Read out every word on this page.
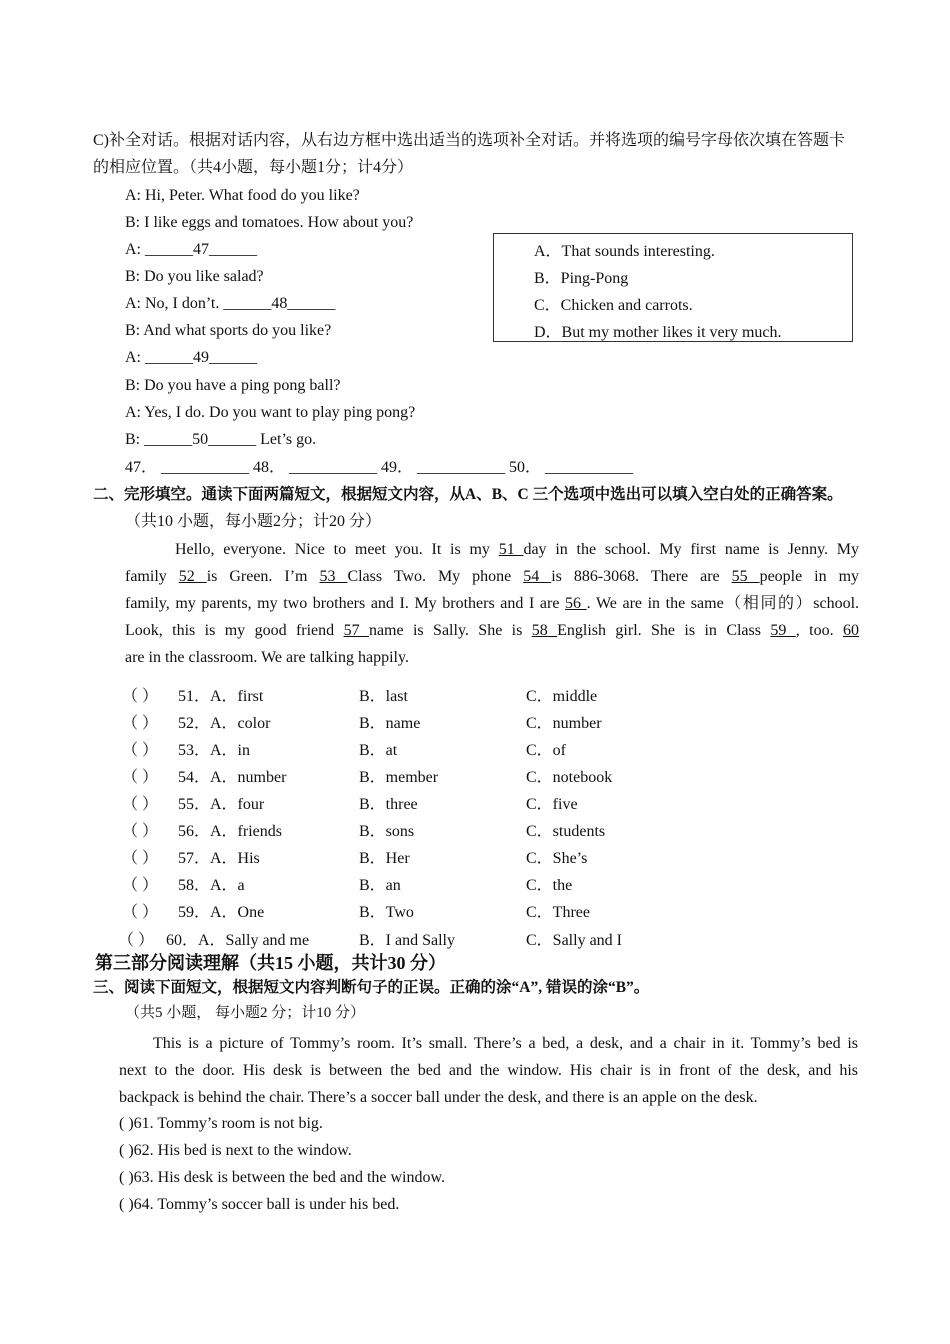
C)补全对话。根据对话内容，从右边方框中选出适当的选项补全对话。并将选项的编号字母依次填在答题卡
的相应位置。（共4小题，每小题1分；计4分）
A: Hi, Peter. What food do you like?
B: I like eggs and tomatoes. How about you?
A: ______47______
B: Do you like salad?
A: No, I don’t. ______48______
B: And what sports do you like?
A: ______49______
B: Do you have a ping pong ball?
A: Yes, I do. Do you want to play ping pong?
B: ______50______ Let’s go.
A．That sounds interesting.
B．Ping-Pong
C．Chicken and carrots.
D．But my mother likes it very much.
47． ___________ 48． ___________ 49． ___________ 50． ___________
二、完形填空。通读下面两篇短文，根据短文内容，从A、B、C 三个选项中选出可以填入空白处的正确答案。
（共10 小题，每小题2分；计20 分）
Hello, everyone. Nice to meet you. It is my 51 day in the school. My first name is Jenny. My
family 52 is Green. I’m 53 Class Two. My phone 54 is 886-3068. There are 55 people in my
family, my parents, my two brothers and I. My brothers and I are 56 . We are in the same（相同的）school.
Look, this is my good friend 57 name is Sally. She is 58 English girl. She is in Class 59 , too. 60
are in the classroom. We are talking happily.
（ ） 51．A．first	B．last	C．middle
（ ） 52．A．color	B．name	C．number
（ ） 53．A．in	B．at	C．of
（ ） 54．A．number	B．member	C．notebook
（ ） 55．A．four	B．three	C．five
（ ） 56．A．friends	B．sons	C．students
（ ） 57．A．His	B．Her	C．She’s
（ ） 58．A．a	B．an	C．the
（ ） 59．A．One	B．Two	C．Three
（ ） 60．A．Sally and me	B．I and Sally	C．Sally and I
第三部分阅读理解（共15 小题，共计30 分）
三、阅读下面短文，根据短文内容判断句子的正误。正确的涂“A”, 错误的涂“B”。
（共5 小题， 每小题2 分；计10 分）
This is a picture of Tommy’s room. It’s small. There’s a bed, a desk, and a chair in it. Tommy’s bed is
next to the door. His desk is between the bed and the window. His chair is in front of the desk, and his
backpack is behind the chair. There’s a soccer ball under the desk, and there is an apple on the desk.
( )61. Tommy’s room is not big.
( )62. His bed is next to the window.
( )63. His desk is between the bed and the window.
( )64. Tommy’s soccer ball is under his bed.
